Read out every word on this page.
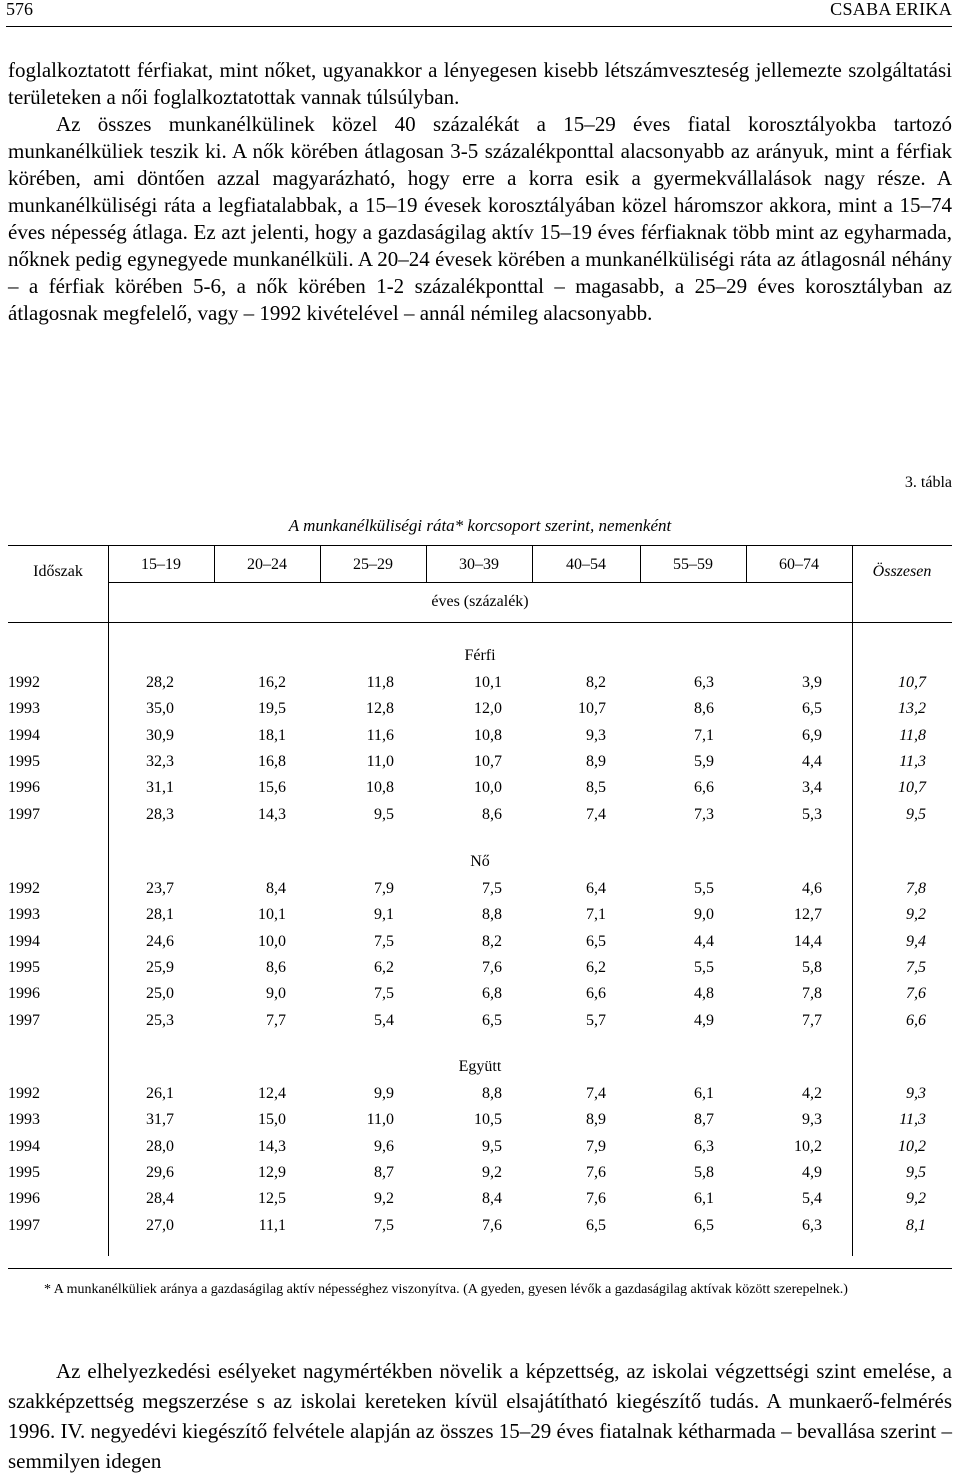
576	CSABA ERIKA

foglalkoztatott férfiakat, mint nőket, ugyanakkor a lényegesen kisebb létszámveszteség jellemezte szolgáltatási területeken a női foglalkoztatottak vannak túlsúlyban.

Az összes munkanélkülinek közel 40 százalékát a 15–29 éves fiatal korosztályokba tartozó munkanélküliek teszik ki. A nők körében átlagosan 3-5 százalékponttal alacsonyabb az arányuk, mint a férfiak körében, ami döntően azzal magyarázható, hogy erre a korra esik a gyermekvállalások nagy része. A munkanélküliségi ráta a legfiatalabbak, a 15–19 évesek korosztályában közel háromszor akkora, mint a 15–74 éves népesség átlaga. Ez azt jelenti, hogy a gazdaságilag aktív 15–19 éves férfiaknak több mint az egyharmada, nőknek pedig egynegyede munkanélküli. A 20–24 évesek körében a munkanélküliségi ráta az átlagosnál néhány – a férfiak körében 5-6, a nők körében 1-2 százalékponttal – magasabb, a 25–29 éves korosztályban az átlagosnak megfelelő, vagy – 1992 kivételével – annál némileg alacsonyabb.

3. tábla
A munkanélküliségi ráta* korcsoport szerint, nemenként
Időszak	15–19	20–24	25–29	30–39	40–54	55–59	60–74
éves (százalék)
Összesen
Férfi
1992	28,2	16,2	11,8	10,1	8,2	6,3	3,9	10,7
1993	35,0	19,5	12,8	12,0	10,7	8,6	6,5	13,2
1994	30,9	18,1	11,6	10,8	9,3	7,1	6,9	11,8
1995	32,3	16,8	11,0	10,7	8,9	5,9	4,4	11,3
1996	31,1	15,6	10,8	10,0	8,5	6,6	3,4	10,7
1997	28,3	14,3	9,5	8,6	7,4	7,3	5,3	9,5
Nő
1992	23,7	8,4	7,9	7,5	6,4	5,5	4,6	7,8
1993	28,1	10,1	9,1	8,8	7,1	9,0	12,7	9,2
1994	24,6	10,0	7,5	8,2	6,5	4,4	14,4	9,4
1995	25,9	8,6	6,2	7,6	6,2	5,5	5,8	7,5
1996	25,0	9,0	7,5	6,8	6,6	4,8	7,8	7,6
1997	25,3	7,7	5,4	6,5	5,7	4,9	7,7	6,6
Együtt
1992	26,1	12,4	9,9	8,8	7,4	6,1	4,2	9,3
1993	31,7	15,0	11,0	10,5	8,9	8,7	9,3	11,3
1994	28,0	14,3	9,6	9,5	7,9	6,3	10,2	10,2
1995	29,6	12,9	8,7	9,2	7,6	5,8	4,9	9,5
1996	28,4	12,5	9,2	8,4	7,6	6,1	5,4	9,2
1997	27,0	11,1	7,5	7,6	6,5	6,5	6,3	8,1
* A munkanélküliek aránya a gazdaságilag aktív népességhez viszonyítva. (A gyeden, gyesen lévők a gazdaságilag aktívak között szerepelnek.)

Az elhelyezkedési esélyeket nagymértékben növelik a képzettség, az iskolai végzettségi szint emelése, a szakképzettség megszerzése s az iskolai kereteken kívül elsajátítható kiegészítő tudás. A munkaerő-felmérés 1996. IV. negyedévi kiegészítő felvétele alapján az összes 15–29 éves fiatalnak kétharmada – bevallása szerint – semmilyen idegen
